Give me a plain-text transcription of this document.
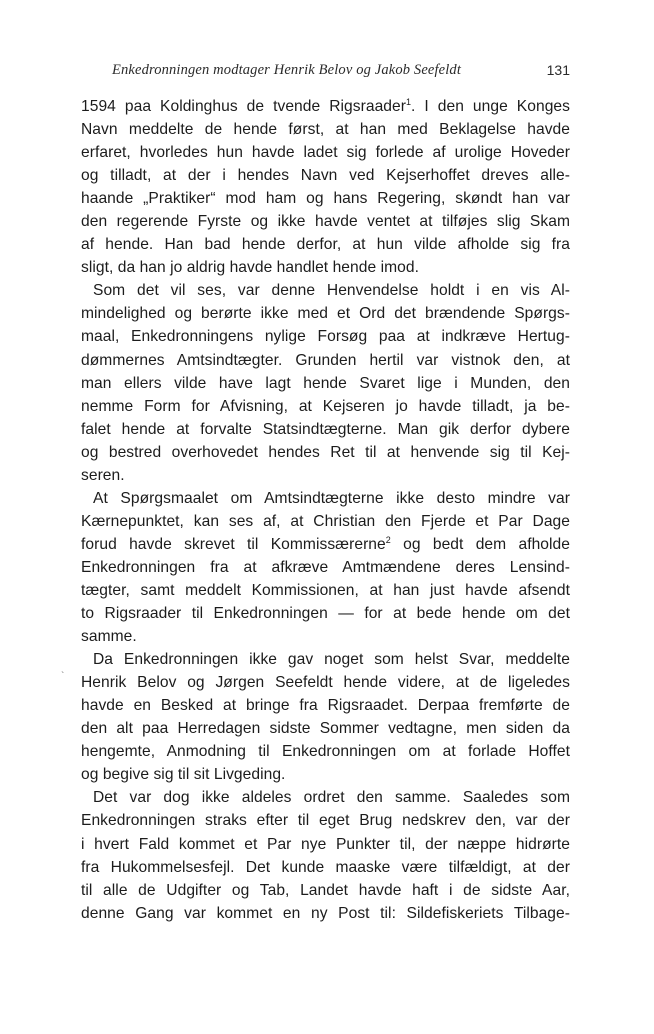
Enkedronningen modtager Henrik Belov og Jakob Seefeldt	131
`
1594 paa Koldinghus de tvende Rigsraader$^1$. I den unge Konges
Navn meddelte de hende først, at han med Beklagelse havde
erfaret, hvorledes hun havde ladet sig forlede af urolige Hoveder
og tilladt, at der i hendes Navn ved Kejserhoffet dreves alle-
haande „Praktiker“ mod ham og hans Regering, skøndt han var
den regerende Fyrste og ikke havde ventet at tilføjes slig Skam
af hende. Han bad hende derfor, at hun vilde afholde sig fra
sligt, da han jo aldrig havde handlet hende imod.
Som det vil ses, var denne Henvendelse holdt i en vis Al-
mindelighed og berørte ikke med et Ord det brændende Spørgs-
maal, Enkedronningens nylige Forsøg paa at indkræve Hertug-
dømmernes Amtsindtægter. Grunden hertil var vistnok den, at
man ellers vilde have lagt hende Svaret lige i Munden, den
nemme Form for Afvisning, at Kejseren jo havde tilladt, ja be-
falet hende at forvalte Statsindtægterne. Man gik derfor dybere
og bestred overhovedet hendes Ret til at henvende sig til Kej-
seren.
At Spørgsmaalet om Amtsindtægterne ikke desto mindre var
Kærnepunktet, kan ses af, at Christian den Fjerde et Par Dage
forud havde skrevet til Kommissærerne$^2$ og bedt dem afholde
Enkedronningen fra at afkræve Amtmændene deres Lensind-
tægter, samt meddelt Kommissionen, at han just havde afsendt
to Rigsraader til Enkedronningen — for at bede hende om det
samme.
Da Enkedronningen ikke gav noget som helst Svar, meddelte
Henrik Belov og Jørgen Seefeldt hende videre, at de ligeledes
havde en Besked at bringe fra Rigsraadet. Derpaa fremførte de
den alt paa Herredagen sidste Sommer vedtagne, men siden da
hengemte, Anmodning til Enkedronningen om at forlade Hoffet
og begive sig til sit Livgeding.
Det var dog ikke aldeles ordret den samme. Saaledes som
Enkedronningen straks efter til eget Brug nedskrev den, var der
i hvert Fald kommet et Par nye Punkter til, der næppe hidrørte
fra Hukommelsesfejl. Det kunde maaske være tilfældigt, at der
til alle de Udgifter og Tab, Landet havde haft i de sidste Aar,
denne Gang var kommet en ny Post til: Sildefiskeriets Tilbage-
